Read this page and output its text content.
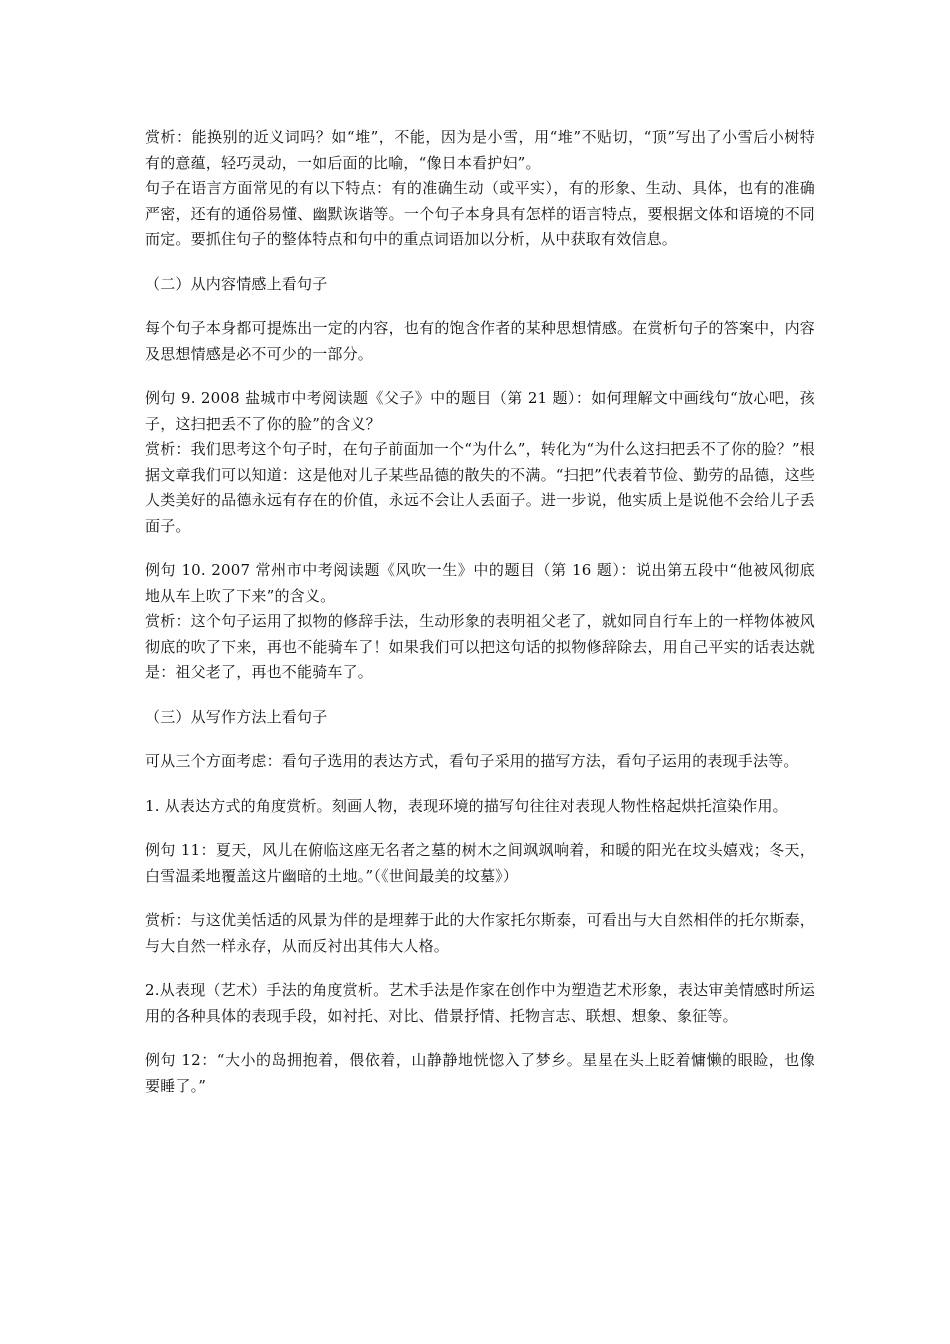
赏析：能换别的近义词吗？如“堆”，不能，因为是小雪，用“堆”不贴切，“顶”写出了小雪后小树特有的意蕴，轻巧灵动，一如后面的比喻，“像日本看护妇”。

句子在语言方面常见的有以下特点：有的准确生动（或平实），有的形象、生动、具体，也有的准确严密，还有的通俗易懂、幽默诙谐等。一个句子本身具有怎样的语言特点，要根据文体和语境的不同而定。要抓住句子的整体特点和句中的重点词语加以分析，从中获取有效信息。

（二）从内容情感上看句子

每个句子本身都可提炼出一定的内容，也有的饱含作者的某种思想情感。在赏析句子的答案中，内容及思想情感是必不可少的一部分。

例句 9. 2008 盐城市中考阅读题《父子》中的题目（第 21 题）：如何理解文中画线句“放心吧，孩子，这扫把丢不了你的脸”的含义？

赏析：我们思考这个句子时，在句子前面加一个“为什么”，转化为“为什么这扫把丢不了你的脸？”根据文章我们可以知道：这是他对儿子某些品德的散失的不满。“扫把”代表着节俭、勤劳的品德，这些人类美好的品德永远有存在的价值，永远不会让人丢面子。进一步说，他实质上是说他不会给儿子丢面子。

例句 10. 2007 常州市中考阅读题《风吹一生》中的题目（第 16 题）：说出第五段中“他被风彻底地从车上吹了下来”的含义。

赏析：这个句子运用了拟物的修辞手法，生动形象的表明祖父老了，就如同自行车上的一样物体被风彻底的吹了下来，再也不能骑车了！如果我们可以把这句话的拟物修辞除去，用自己平实的话表达就是：祖父老了，再也不能骑车了。

（三）从写作方法上看句子

可从三个方面考虑：看句子选用的表达方式，看句子采用的描写方法，看句子运用的表现手法等。

1. 从表达方式的角度赏析。刻画人物，表现环境的描写句往往对表现人物性格起烘托渲染作用。

例句 11：夏天，风儿在俯临这座无名者之墓的树木之间飒飒响着，和暖的阳光在坟头嬉戏；冬天，白雪温柔地覆盖这片幽暗的土地。”（《世间最美的坟墓》）

赏析：与这优美恬适的风景为伴的是埋葬于此的大作家托尔斯泰，可看出与大自然相伴的托尔斯泰，与大自然一样永存，从而反衬出其伟大人格。

2.从表现（艺术）手法的角度赏析。艺术手法是作家在创作中为塑造艺术形象，表达审美情感时所运用的各种具体的表现手段，如衬托、对比、借景抒情、托物言志、联想、想象、象征等。

例句 12：“大小的岛拥抱着，偎依着，山静静地恍惚入了梦乡。星星在头上眨着慵懒的眼睑，也像要睡了。”
